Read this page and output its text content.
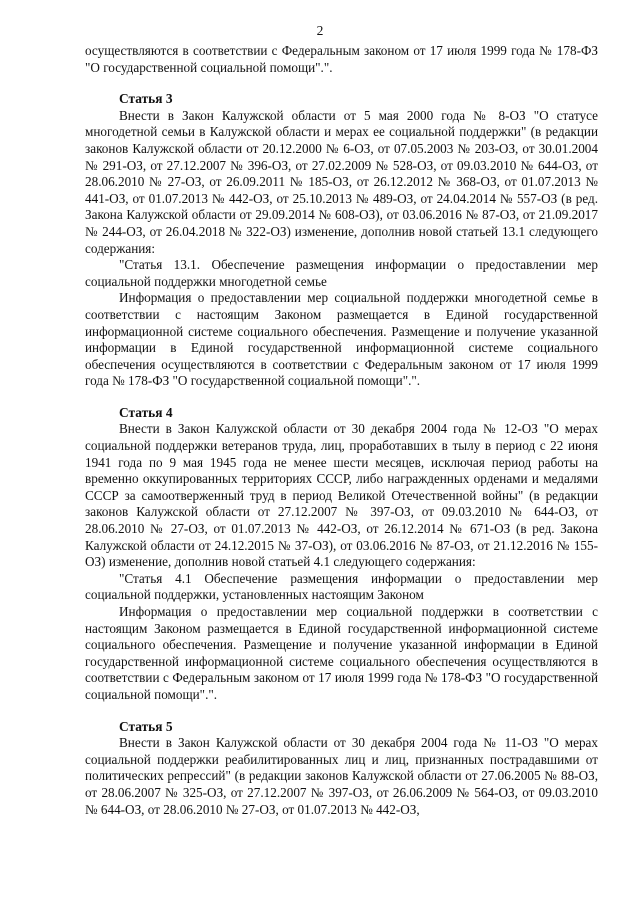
2

осуществляются в соответствии с Федеральным законом от 17 июля 1999 года № 178-ФЗ "О государственной социальной помощи".".

Статья 3

Внести в Закон Калужской области от 5 мая 2000 года № 8-ОЗ "О статусе многодетной семьи в Калужской области и мерах ее социальной поддержки" (в редакции законов Калужской области от 20.12.2000 № 6-ОЗ, от 07.05.2003 № 203-ОЗ, от 30.01.2004 № 291-ОЗ, от 27.12.2007 № 396-ОЗ, от 27.02.2009 № 528-ОЗ, от 09.03.2010 № 644-ОЗ, от 28.06.2010 № 27-ОЗ, от 26.09.2011 № 185-ОЗ, от 26.12.2012 № 368-ОЗ, от 01.07.2013 № 441-ОЗ, от 01.07.2013 № 442-ОЗ, от 25.10.2013 № 489-ОЗ, от 24.04.2014 № 557-ОЗ (в ред. Закона Калужской области от 29.09.2014 № 608-ОЗ), от 03.06.2016 № 87-ОЗ, от 21.09.2017 № 244-ОЗ, от 26.04.2018 № 322-ОЗ) изменение, дополнив новой статьей 13.1 следующего содержания:

"Статья 13.1. Обеспечение размещения информации о предоставлении мер социальной поддержки многодетной семье

Информация о предоставлении мер социальной поддержки многодетной семье в соответствии с настоящим Законом размещается в Единой государственной информационной системе социального обеспечения. Размещение и получение указанной информации в Единой государственной информационной системе социального обеспечения осуществляются в соответствии с Федеральным законом от 17 июля 1999 года № 178-ФЗ "О государственной социальной помощи".".

Статья 4

Внести в Закон Калужской области от 30 декабря 2004 года № 12-ОЗ "О мерах социальной поддержки ветеранов труда, лиц, проработавших в тылу в период с 22 июня 1941 года по 9 мая 1945 года не менее шести месяцев, исключая период работы на временно оккупированных территориях СССР, либо награжденных орденами и медалями СССР за самоотверженный труд в период Великой Отечественной войны" (в редакции законов Калужской области от 27.12.2007 № 397-ОЗ, от 09.03.2010 № 644-ОЗ, от 28.06.2010 № 27-ОЗ, от 01.07.2013 № 442-ОЗ, от 26.12.2014 № 671-ОЗ (в ред. Закона Калужской области от 24.12.2015 № 37-ОЗ), от 03.06.2016 № 87-ОЗ, от 21.12.2016 № 155-ОЗ) изменение, дополнив новой статьей 4.1 следующего содержания:

"Статья 4.1 Обеспечение размещения информации о предоставлении мер социальной поддержки, установленных настоящим Законом

Информация о предоставлении мер социальной поддержки в соответствии с настоящим Законом размещается в Единой государственной информационной системе социального обеспечения. Размещение и получение указанной информации в Единой государственной информационной системе социального обеспечения осуществляются в соответствии с Федеральным законом от 17 июля 1999 года № 178-ФЗ "О государственной социальной помощи".".

Статья 5

Внести в Закон Калужской области от 30 декабря 2004 года № 11-ОЗ "О мерах социальной поддержки реабилитированных лиц и лиц, признанных пострадавшими от политических репрессий" (в редакции законов Калужской области от 27.06.2005 № 88-ОЗ, от 28.06.2007 № 325-ОЗ, от 27.12.2007 № 397-ОЗ, от 26.06.2009 № 564-ОЗ, от 09.03.2010 № 644-ОЗ, от 28.06.2010 № 27-ОЗ, от 01.07.2013 № 442-ОЗ,
